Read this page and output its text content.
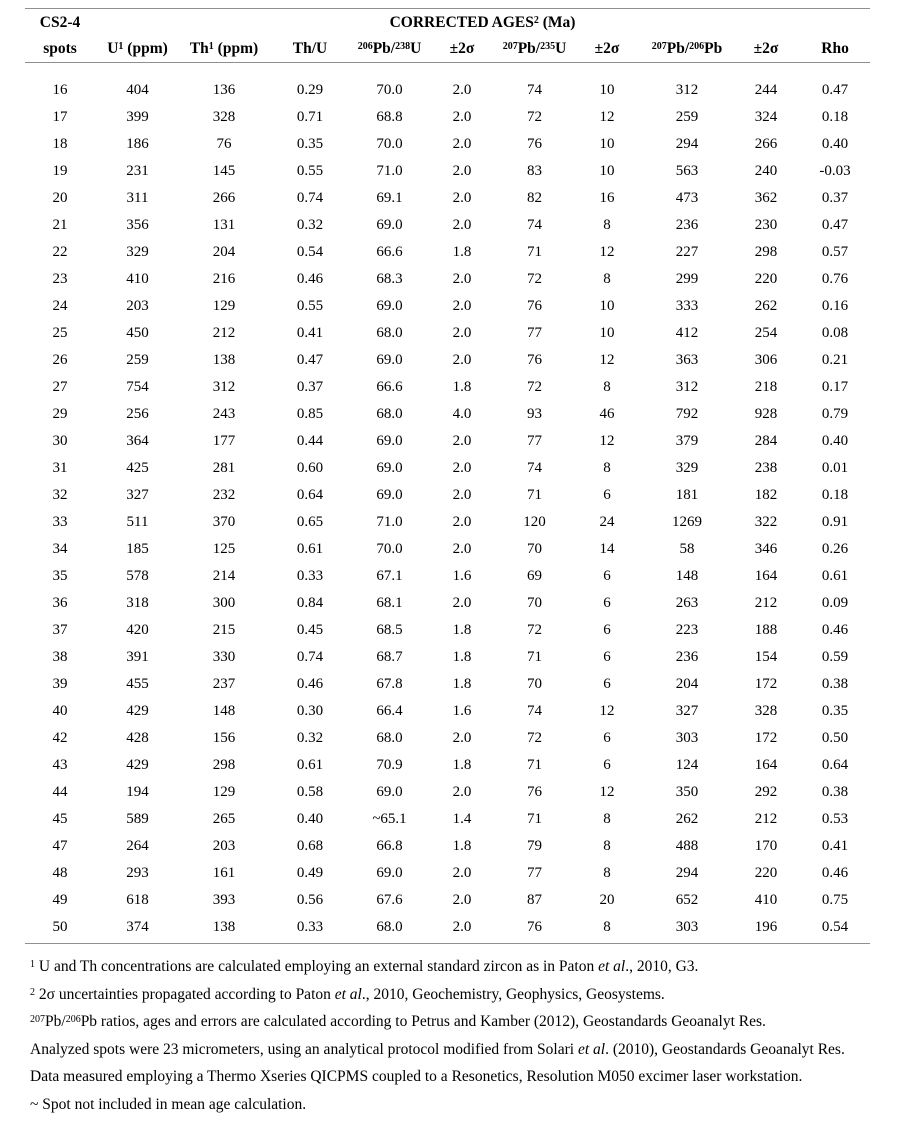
CS2-4	CORRECTED AGES$^2$ (Ma)									
spots	$U^1$ (ppm)	Th$^1$ (ppm)	Th/U	$^{206}$Pb/$^{238}$U	±2σ	$^{207}$Pb/$^{235}$U	±2σ	$^{207}$Pb/$^{206}$Pb	±2σ	Rho
16	404	136	0.29	70.0	2.0	74	10	312	244	0.47
17	399	328	0.71	68.8	2.0	72	12	259	324	0.18
18	186	76	0.35	70.0	2.0	76	10	294	266	0.40
19	231	145	0.55	71.0	2.0	83	10	563	240	-0.03
20	311	266	0.74	69.1	2.0	82	16	473	362	0.37
21	356	131	0.32	69.0	2.0	74	8	236	230	0.47
22	329	204	0.54	66.6	1.8	71	12	227	298	0.57
23	410	216	0.46	68.3	2.0	72	8	299	220	0.76
24	203	129	0.55	69.0	2.0	76	10	333	262	0.16
25	450	212	0.41	68.0	2.0	77	10	412	254	0.08
26	259	138	0.47	69.0	2.0	76	12	363	306	0.21
27	754	312	0.37	66.6	1.8	72	8	312	218	0.17
29	256	243	0.85	68.0	4.0	93	46	792	928	0.79
30	364	177	0.44	69.0	2.0	77	12	379	284	0.40
31	425	281	0.60	69.0	2.0	74	8	329	238	0.01
32	327	232	0.64	69.0	2.0	71	6	181	182	0.18
33	511	370	0.65	71.0	2.0	120	24	1269	322	0.91
34	185	125	0.61	70.0	2.0	70	14	58	346	0.26
35	578	214	0.33	67.1	1.6	69	6	148	164	0.61
36	318	300	0.84	68.1	2.0	70	6	263	212	0.09
37	420	215	0.45	68.5	1.8	72	6	223	188	0.46
38	391	330	0.74	68.7	1.8	71	6	236	154	0.59
39	455	237	0.46	67.8	1.8	70	6	204	172	0.38
40	429	148	0.30	66.4	1.6	74	12	327	328	0.35
42	428	156	0.32	68.0	2.0	72	6	303	172	0.50
43	429	298	0.61	70.9	1.8	71	6	124	164	0.64
44	194	129	0.58	69.0	2.0	76	12	350	292	0.38
45	589	265	0.40	~65.1	1.4	71	8	262	212	0.53
47	264	203	0.68	66.8	1.8	79	8	488	170	0.41
48	293	161	0.49	69.0	2.0	77	8	294	220	0.46
49	618	393	0.56	67.6	2.0	87	20	652	410	0.75
50	374	138	0.33	68.0	2.0	76	8	303	196	0.54
$^1$ U and Th concentrations are calculated employing an external standard zircon as in Paton et al., 2010, G3.
$^2$ 2σ uncertainties propagated according to Paton et al., 2010, Geochemistry, Geophysics, Geosystems.
$^{207}$Pb/$^{206}$Pb ratios, ages and errors are calculated according to Petrus and Kamber (2012), Geostandards Geoanalyt Res.
Analyzed spots were 23 micrometers, using an analytical protocol modified from Solari et al. (2010), Geostandards Geoanalyt Res.
Data measured employing a Thermo Xseries QICPMS coupled to a Resonetics, Resolution M050 excimer laser workstation.
~ Spot not included in mean age calculation.
